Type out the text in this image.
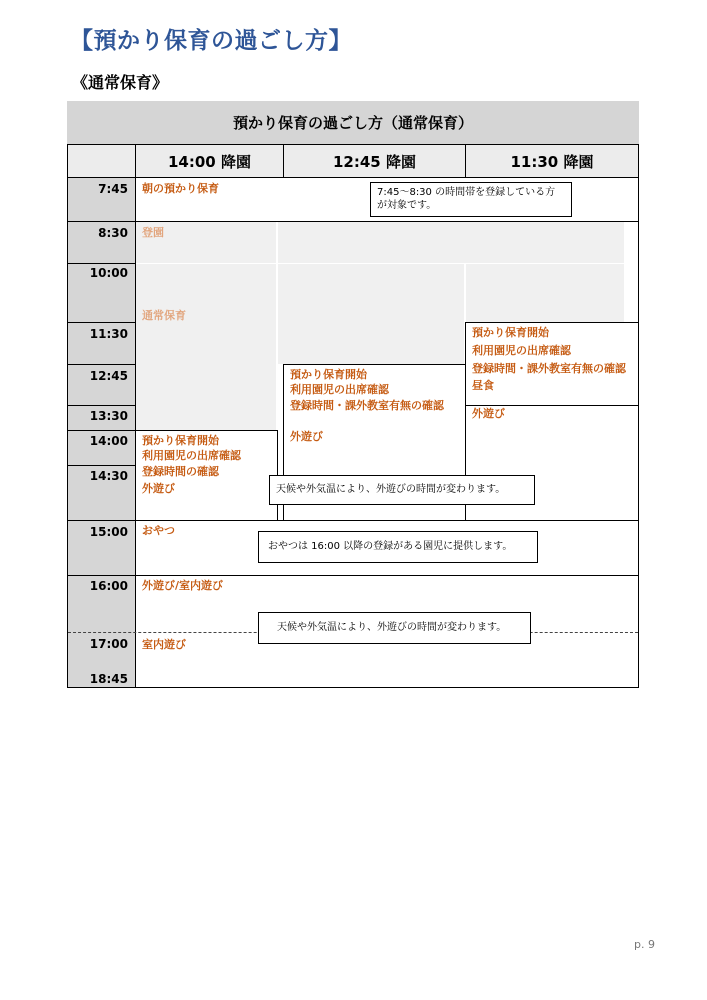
【預かり保育の過ごし方】
《通常保育》
預かり保育の過ごし方（通常保育）
14:00 降園	12:45 降園	11:30 降園
7:45
8:30
10:00
11:30
12:45
13:30
14:00
14:30
15:00
16:00
17:00
18:45
朝の預かり保育
登園
通常保育
預かり保育開始
利用園児の出席確認
登録時間・課外教室有無の確認
昼食
外遊び
預かり保育開始
利用園児の出席確認
登録時間・課外教室有無の確認
外遊び
預かり保育開始
利用園児の出席確認
登録時間の確認
外遊び
おやつ
外遊び/室内遊び
室内遊び
7:45～8:30 の時間帯を登録している方
が対象です。
天候や外気温により、外遊びの時間が変わります。
おやつは 16:00 以降の登録がある園児に提供します。
天候や外気温により、外遊びの時間が変わります。
p. 9
